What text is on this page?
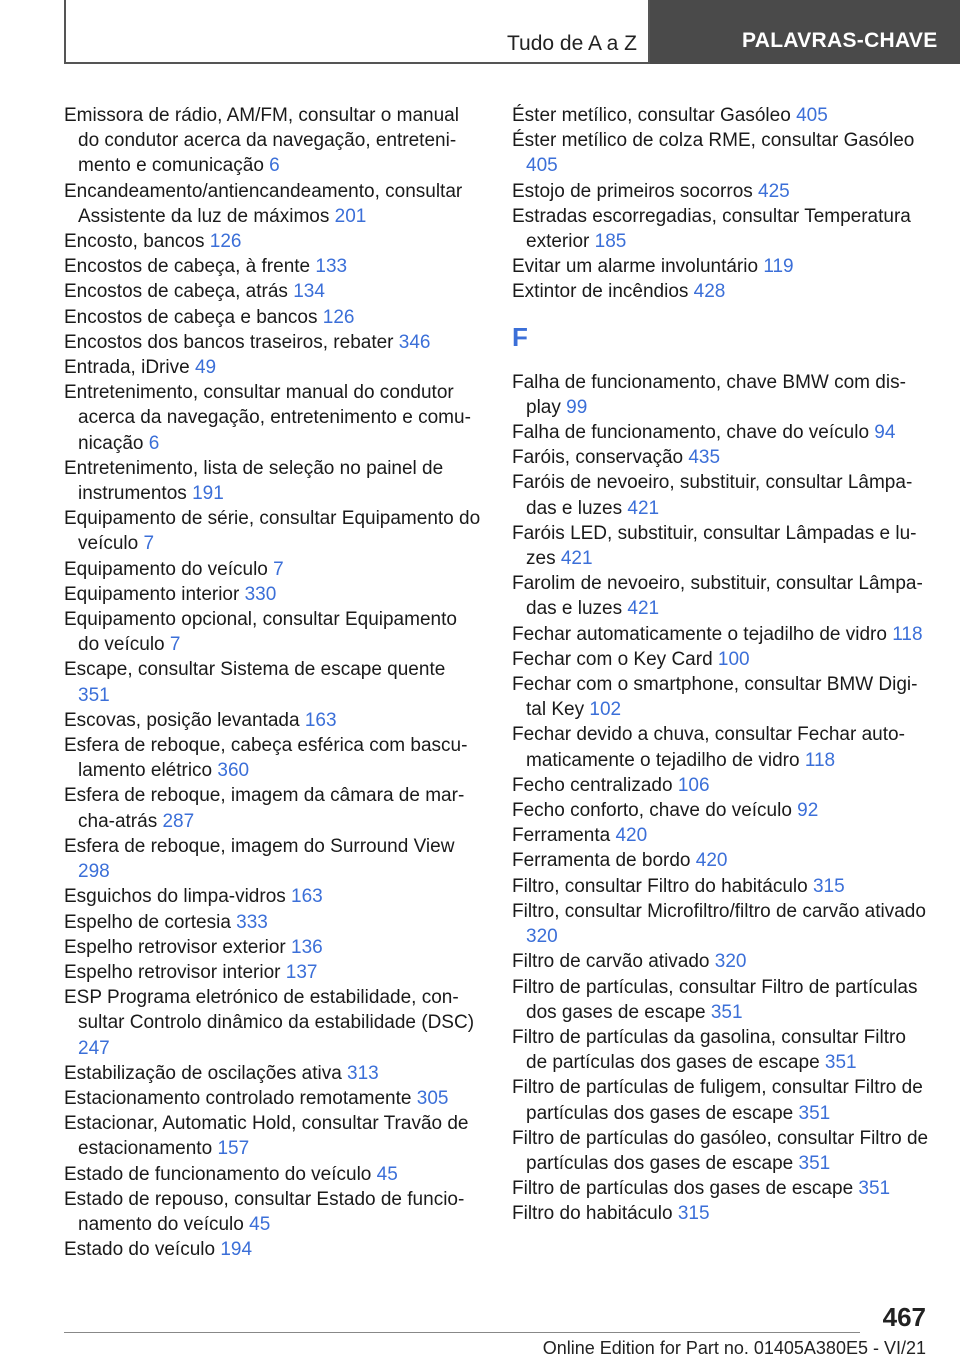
Tudo de A a Z	PALAVRAS-CHAVE
Emissora de rádio, AM/FM, consultar o manual do condutor acerca da navegação, entretenimento e comunicação 6
Encandeamento/antiencandeamento, consultar Assistente da luz de máximos 201
Encosto, bancos 126
Encostos de cabeça, à frente 133
Encostos de cabeça, atrás 134
Encostos de cabeça e bancos 126
Encostos dos bancos traseiros, rebater 346
Entrada, iDrive 49
Entretenimento, consultar manual do condutor acerca da navegação, entretenimento e comunicação 6
Entretenimento, lista de seleção no painel de instrumentos 191
Equipamento de série, consultar Equipamento do veículo 7
Equipamento do veículo 7
Equipamento interior 330
Equipamento opcional, consultar Equipamento do veículo 7
Escape, consultar Sistema de escape quente 351
Escovas, posição levantada 163
Esfera de reboque, cabeça esférica com basculamento elétrico 360
Esfera de reboque, imagem da câmara de marcha-atrás 287
Esfera de reboque, imagem do Surround View 298
Esguichos do limpa-vidros 163
Espelho de cortesia 333
Espelho retrovisor exterior 136
Espelho retrovisor interior 137
ESP Programa eletrónico de estabilidade, consultar Controlo dinâmico da estabilidade (DSC) 247
Estabilização de oscilações ativa 313
Estacionamento controlado remotamente 305
Estacionar, Automatic Hold, consultar Travão de estacionamento 157
Estado de funcionamento do veículo 45
Estado de repouso, consultar Estado de funcionamento do veículo 45
Estado do veículo 194
Éster metílico, consultar Gasóleo 405
Éster metílico de colza RME, consultar Gasóleo 405
Estojo de primeiros socorros 425
Estradas escorregadias, consultar Temperatura exterior 185
Evitar um alarme involuntário 119
Extintor de incêndios 428
F
Falha de funcionamento, chave BMW com display 99
Falha de funcionamento, chave do veículo 94
Faróis, conservação 435
Faróis de nevoeiro, substituir, consultar Lâmpadas e luzes 421
Faróis LED, substituir, consultar Lâmpadas e luzes 421
Farolim de nevoeiro, substituir, consultar Lâmpadas e luzes 421
Fechar automaticamente o tejadilho de vidro 118
Fechar com o Key Card 100
Fechar com o smartphone, consultar BMW Digital Key 102
Fechar devido a chuva, consultar Fechar automaticamente o tejadilho de vidro 118
Fecho centralizado 106
Fecho conforto, chave do veículo 92
Ferramenta 420
Ferramenta de bordo 420
Filtro, consultar Filtro do habitáculo 315
Filtro, consultar Microfiltro/filtro de carvão ativado 320
Filtro de carvão ativado 320
Filtro de partículas, consultar Filtro de partículas dos gases de escape 351
Filtro de partículas da gasolina, consultar Filtro de partículas dos gases de escape 351
Filtro de partículas de fuligem, consultar Filtro de partículas dos gases de escape 351
Filtro de partículas do gasóleo, consultar Filtro de partículas dos gases de escape 351
Filtro de partículas dos gases de escape 351
Filtro do habitáculo 315
467
Online Edition for Part no. 01405A380E5 - VI/21
